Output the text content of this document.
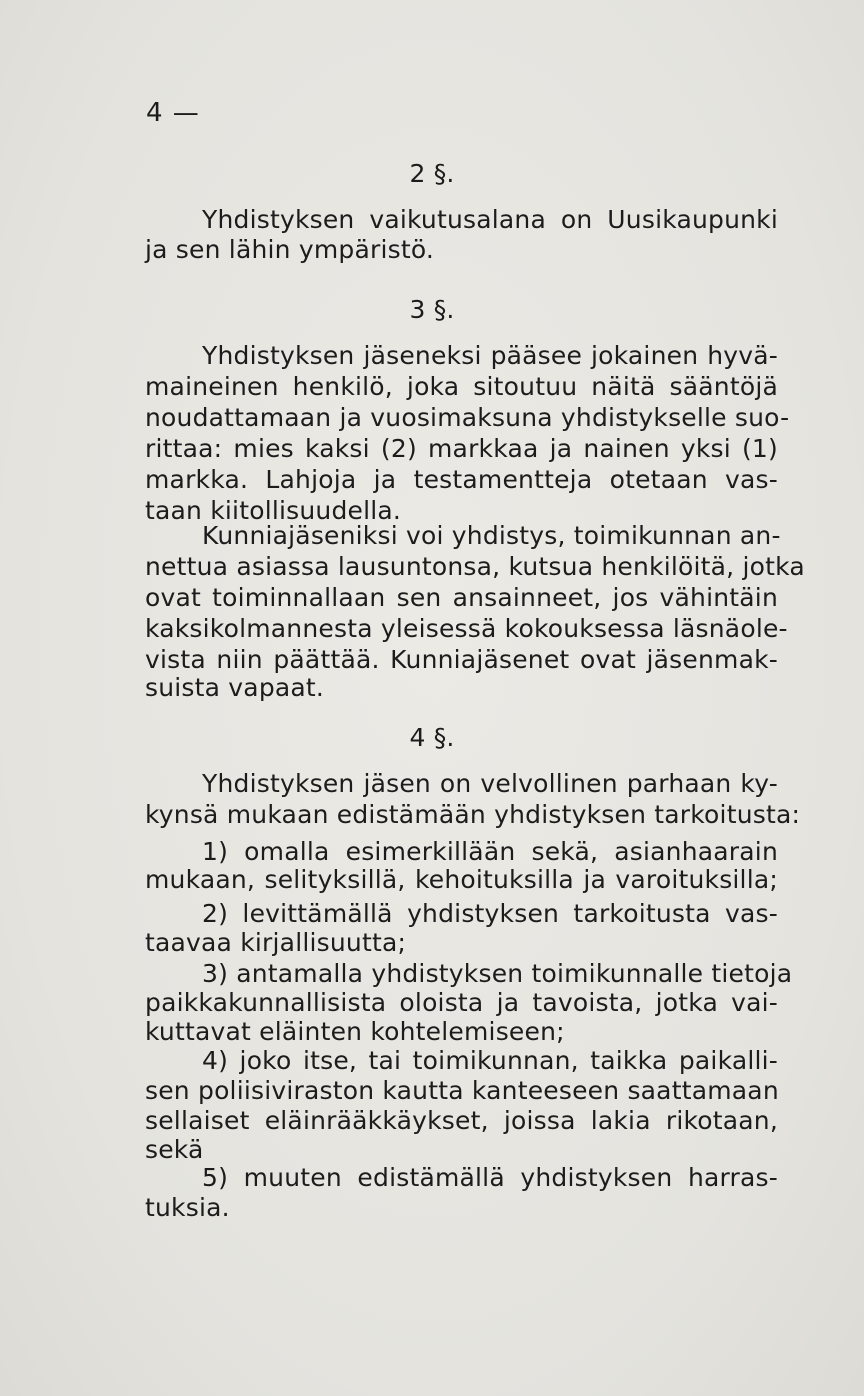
4 —
2 §.
Yhdistyksen vaikutusalana on Uusikaupunki
ja sen lähin ympäristö.
3 §.
Yhdistyksen jäseneksi pääsee jokainen hyvä-
maineinen henkilö, joka sitoutuu näitä sääntöjä
noudattamaan ja vuosimaksuna yhdistykselle suo-
rittaa: mies kaksi (2) markkaa ja nainen yksi (1)
markka. Lahjoja ja testamentteja otetaan vas-
taan kiitollisuudella.
Kunniajäseniksi voi yhdistys, toimikunnan an-
nettua asiassa lausuntonsa, kutsua henkilöitä, jotka
ovat toiminnallaan sen ansainneet, jos vähintäin
kaksikolmannesta yleisessä kokouksessa läsnäole-
vista niin päättää. Kunniajäsenet ovat jäsenmak-
suista vapaat.
4 §.
Yhdistyksen jäsen on velvollinen parhaan ky-
kynsä mukaan edistämään yhdistyksen tarkoitusta:
1) omalla esimerkillään sekä, asianhaarain
mukaan, selityksillä, kehoituksilla ja varoituksilla;
2) levittämällä yhdistyksen tarkoitusta vas-
taavaa kirjallisuutta;
3) antamalla yhdistyksen toimikunnalle tietoja
paikkakunnallisista oloista ja tavoista, jotka vai-
kuttavat eläinten kohtelemiseen;
4) joko itse, tai toimikunnan, taikka paikalli-
sen poliisiviraston kautta kanteeseen saattamaan
sellaiset eläinrääkkäykset, joissa lakia rikotaan,
sekä
5) muuten edistämällä yhdistyksen harras-
tuksia.
